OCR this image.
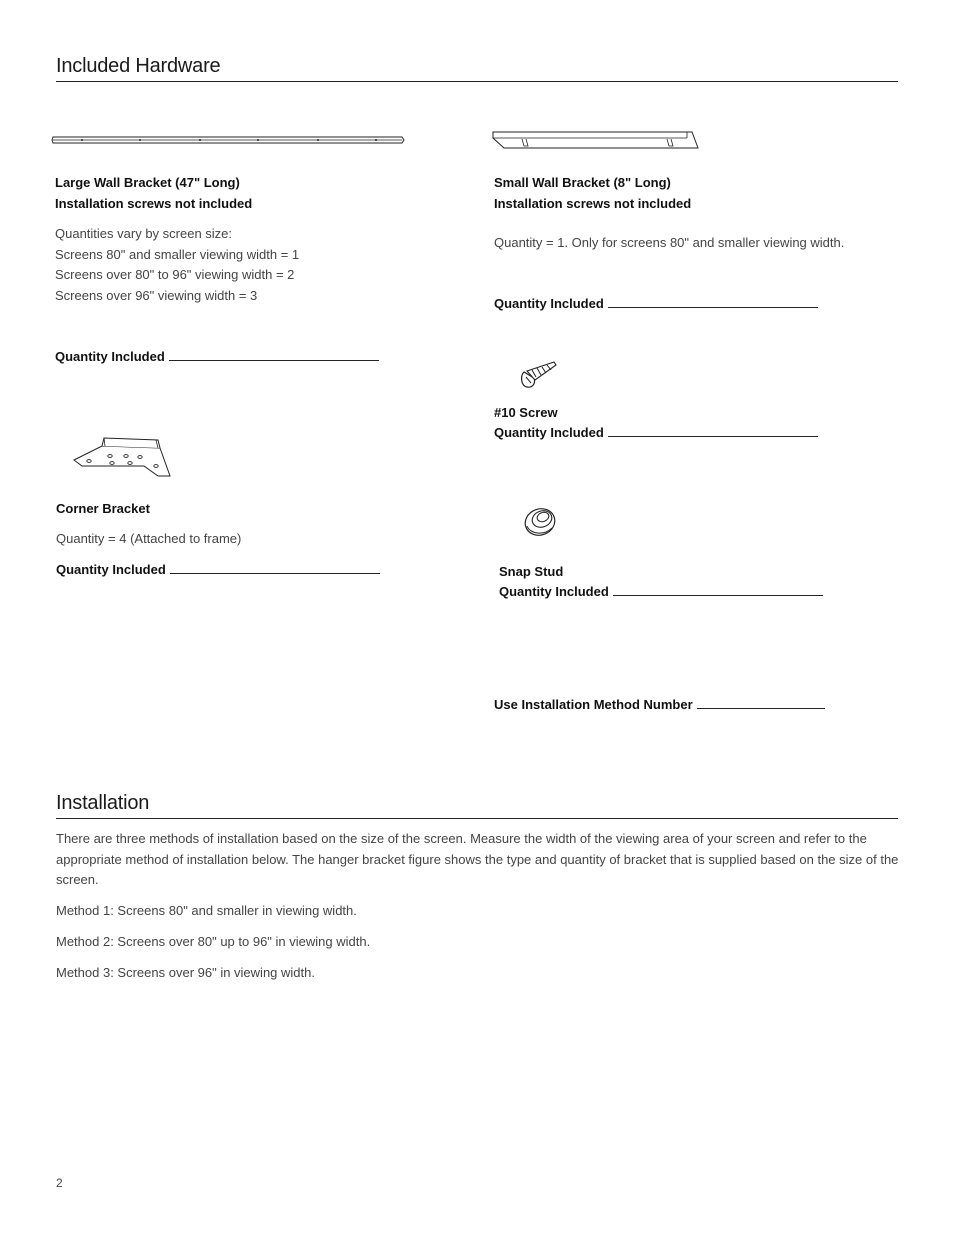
Included Hardware
Large Wall Bracket (47" Long)
Installation screws not included
Quantities vary by screen size:
Screens 80" and smaller viewing width = 1
Screens over 80" to 96" viewing width = 2
Screens over 96" viewing width = 3
Quantity Included
Small Wall Bracket (8" Long)
Installation screws not included
Quantity = 1. Only for screens 80" and smaller viewing width.
Quantity Included
#10 Screw
Quantity Included
Corner Bracket
Quantity = 4 (Attached to frame)
Quantity Included	Snap Stud
Quantity Included
Use Installation Method Number
Installation
There are three methods of installation based on the size of the screen. Measure the width of the viewing area of your screen and refer to the appropriate method of installation below. The hanger bracket figure shows the type and quantity of bracket that is supplied based on the size of the screen.
Method 1: Screens 80" and smaller in viewing width.
Method 2: Screens over 80" up to 96" in viewing width.
Method 3: Screens over 96" in viewing width.
2
